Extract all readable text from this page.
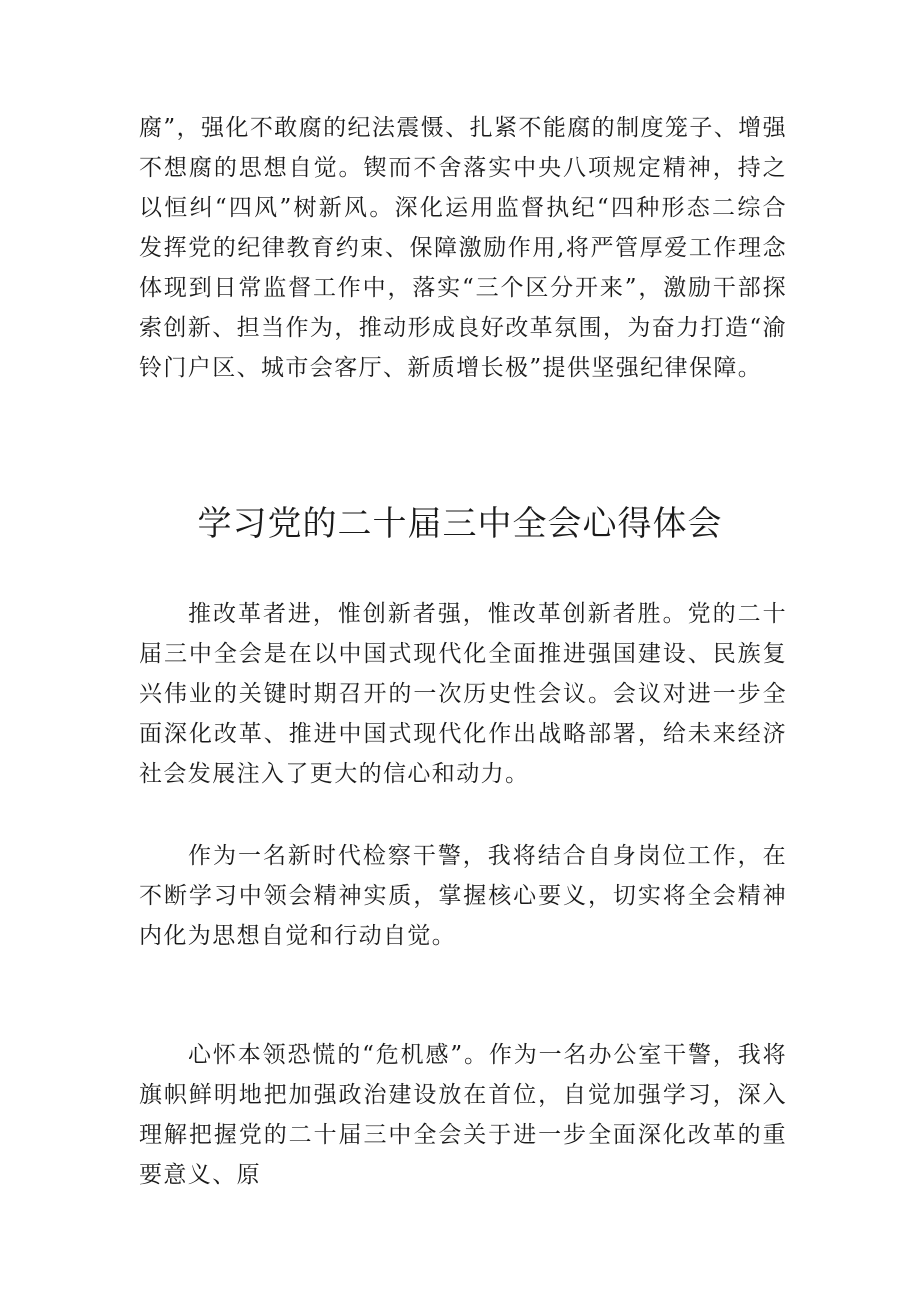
腐”，强化不敢腐的纪法震慑、扎紧不能腐的制度笼子、增强不想腐的思想自觉。锲而不舍落实中央八项规定精神，持之以恒纠“四风”树新风。深化运用监督执纪“四种形态二综合发挥党的纪律教育约束、保障激励作用,将严管厚爱工作理念体现到日常监督工作中，落实“三个区分开来”，激励干部探索创新、担当作为，推动形成良好改革氛围，为奋力打造“渝铃门户区、城市会客厅、新质增长极”提供坚强纪律保障。

学习党的二十届三中全会心得体会

推改革者进，惟创新者强，惟改革创新者胜。党的二十届三中全会是在以中国式现代化全面推进强国建设、民族复兴伟业的关键时期召开的一次历史性会议。会议对进一步全面深化改革、推进中国式现代化作出战略部署，给未来经济社会发展注入了更大的信心和动力。

作为一名新时代检察干警，我将结合自身岗位工作，在不断学习中领会精神实质，掌握核心要义，切实将全会精神内化为思想自觉和行动自觉。

心怀本领恐慌的“危机感”。作为一名办公室干警，我将旗帜鲜明地把加强政治建设放在首位，自觉加强学习，深入理解把握党的二十届三中全会关于进一步全面深化改革的重要意义、原
